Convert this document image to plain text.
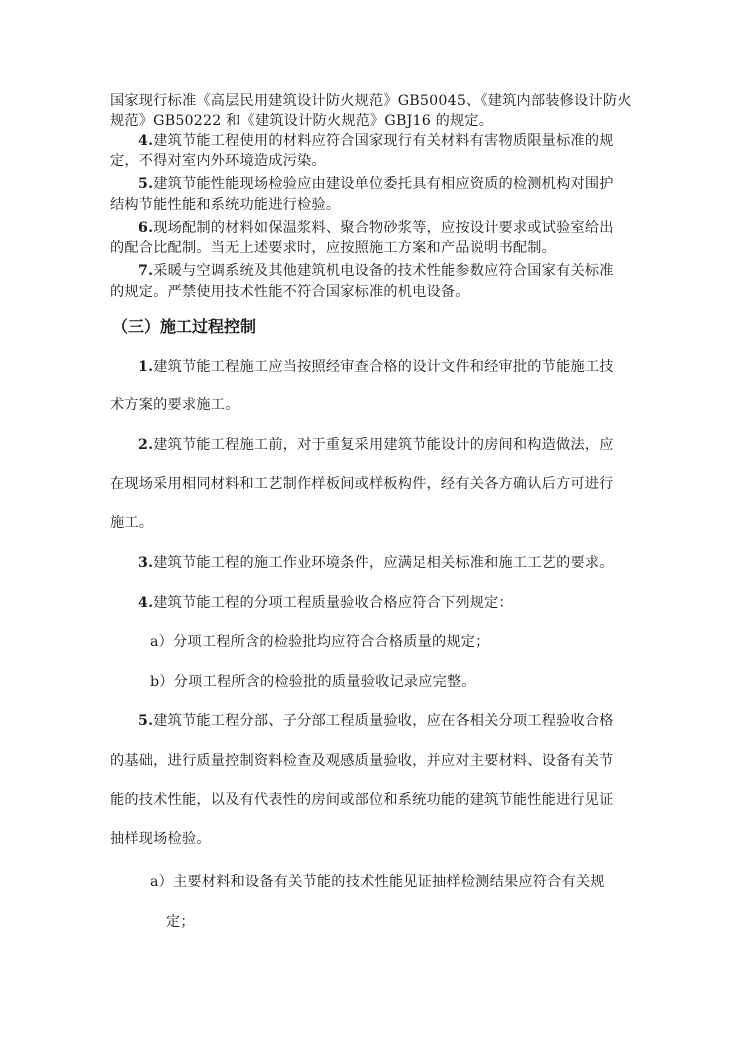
国家现行标准《高层民用建筑设计防火规范》GB50045、《建筑内部装修设计防火
规范》GB50222 和《建筑设计防火规范》GBJ16 的规定。
4.建筑节能工程使用的材料应符合国家现行有关材料有害物质限量标准的规
定，不得对室内外环境造成污染。
5.建筑节能性能现场检验应由建设单位委托具有相应资质的检测机构对围护
结构节能性能和系统功能进行检验。
6.现场配制的材料如保温浆料、聚合物砂浆等，应按设计要求或试验室给出
的配合比配制。当无上述要求时，应按照施工方案和产品说明书配制。
7.采暖与空调系统及其他建筑机电设备的技术性能参数应符合国家有关标准
的规定。严禁使用技术性能不符合国家标准的机电设备。
（三）施工过程控制
1.建筑节能工程施工应当按照经审查合格的设计文件和经审批的节能施工技
术方案的要求施工。
2.建筑节能工程施工前，对于重复采用建筑节能设计的房间和构造做法，应
在现场采用相同材料和工艺制作样板间或样板构件，经有关各方确认后方可进行
施工。
3.建筑节能工程的施工作业环境条件，应满足相关标准和施工工艺的要求。
4.建筑节能工程的分项工程质量验收合格应符合下列规定：
a）分项工程所含的检验批均应符合合格质量的规定；
b）分项工程所含的检验批的质量验收记录应完整。
5.建筑节能工程分部、子分部工程质量验收，应在各相关分项工程验收合格
的基础，进行质量控制资料检查及观感质量验收，并应对主要材料、设备有关节
能的技术性能，以及有代表性的房间或部位和系统功能的建筑节能性能进行见证
抽样现场检验。
a）主要材料和设备有关节能的技术性能见证抽样检测结果应符合有关规
定；
